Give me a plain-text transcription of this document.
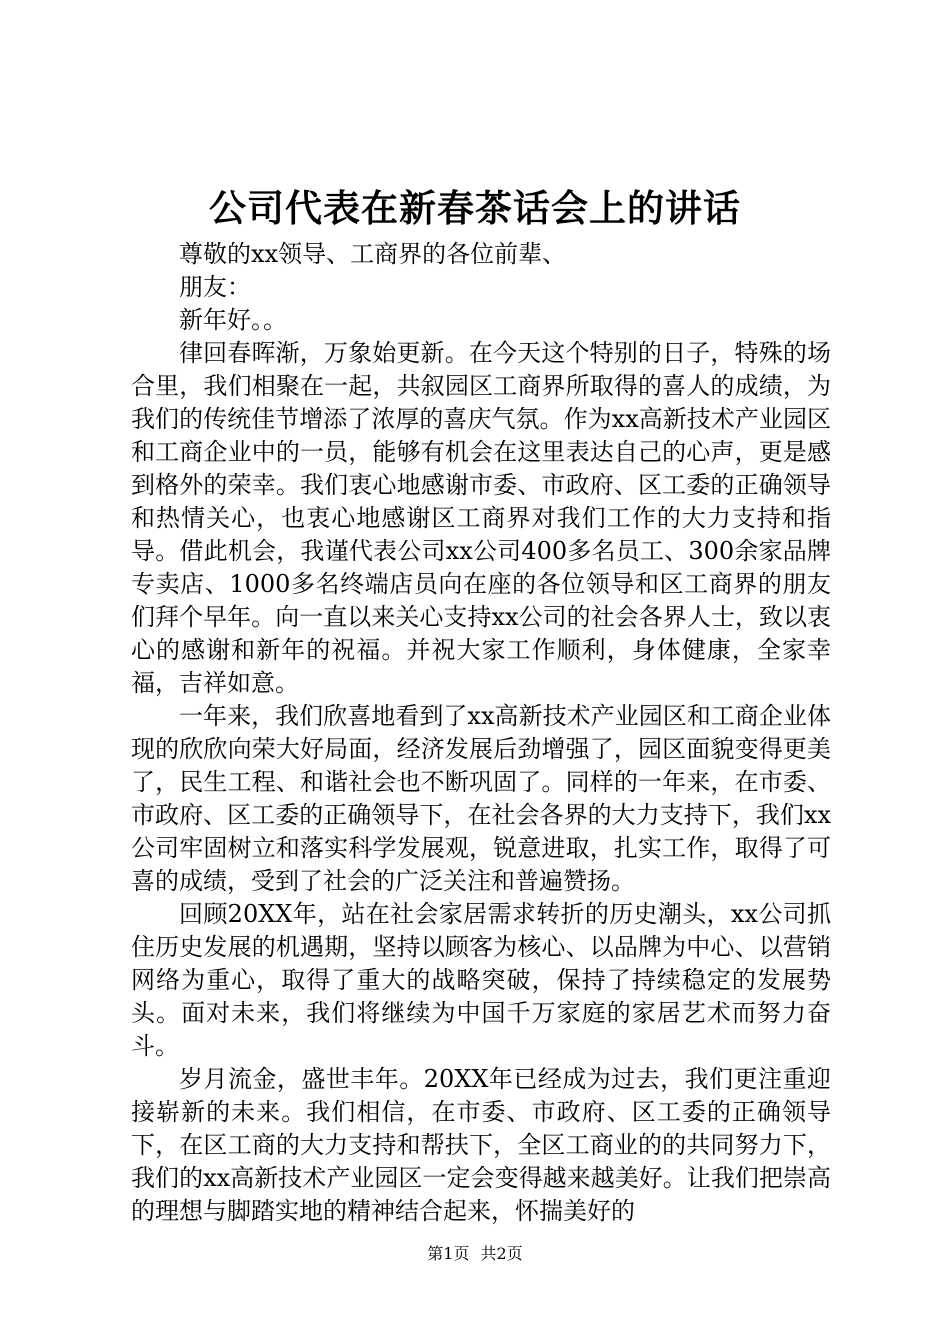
公司代表在新春茶话会上的讲话

尊敬的xx领导、工商界的各位前辈、

朋友：

新年好。。

律回春晖渐，万象始更新。在今天这个特别的日子，特殊的场合里，我们相聚在一起，共叙园区工商界所取得的喜人的成绩，为我们的传统佳节增添了浓厚的喜庆气氛。作为xx高新技术产业园区和工商企业中的一员，能够有机会在这里表达自己的心声，更是感到格外的荣幸。我们衷心地感谢市委、市政府、区工委的正确领导和热情关心，也衷心地感谢区工商界对我们工作的大力支持和指导。借此机会，我谨代表公司xx公司400多名员工、300余家品牌专卖店、1000多名终端店员向在座的各位领导和区工商界的朋友们拜个早年。向一直以来关心支持xx公司的社会各界人士，致以衷心的感谢和新年的祝福。并祝大家工作顺利，身体健康，全家幸福，吉祥如意。

一年来，我们欣喜地看到了xx高新技术产业园区和工商企业体现的欣欣向荣大好局面，经济发展后劲增强了，园区面貌变得更美了，民生工程、和谐社会也不断巩固了。同样的一年来，在市委、市政府、区工委的正确领导下，在社会各界的大力支持下，我们xx公司牢固树立和落实科学发展观，锐意进取，扎实工作，取得了可喜的成绩，受到了社会的广泛关注和普遍赞扬。

回顾20XX年，站在社会家居需求转折的历史潮头，xx公司抓住历史发展的机遇期，坚持以顾客为核心、以品牌为中心、以营销网络为重心，取得了重大的战略突破，保持了持续稳定的发展势头。面对未来，我们将继续为中国千万家庭的家居艺术而努力奋斗。

岁月流金，盛世丰年。20XX年已经成为过去，我们更注重迎接崭新的未来。我们相信，在市委、市政府、区工委的正确领导下，在区工商的大力支持和帮扶下，全区工商业的的共同努力下，我们的xx高新技术产业园区一定会变得越来越美好。让我们把崇高的理想与脚踏实地的精神结合起来，怀揣美好的

第1页 共2页
